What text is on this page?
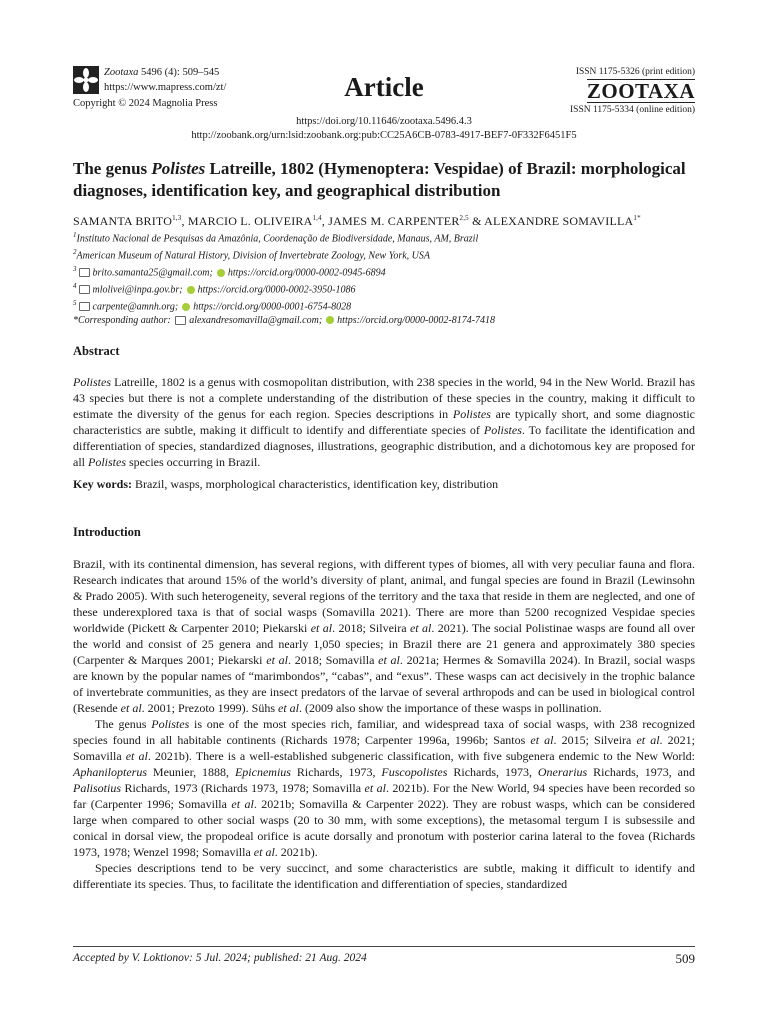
Zootaxa 5496 (4): 509–545
https://www.mapress.com/zt/
Copyright © 2024 Magnolia Press
Article	ISSN 1175-5326 (print edition)
ZOOTAXA
ISSN 1175-5334 (online edition)
https://doi.org/10.11646/zootaxa.5496.4.3
http://zoobank.org/urn:lsid:zoobank.org:pub:CC25A6CB-0783-4917-BEF7-0F332F6451F5
The genus Polistes Latreille, 1802 (Hymenoptera: Vespidae) of Brazil: morphological diagnoses, identification key, and geographical distribution
SAMANTA BRITO$^{1,3}$, MARCIO L. OLIVEIRA$^{1,4}$, JAMES M. CARPENTER$^{2,5}$ & ALEXANDRE $SOMAVILLA^{1*}$
$^1$Instituto Nacional de Pesquisas da Amazônia, Coordenação de Biodiversidade, Manaus, AM, Brazil
$^2$American Museum of Natural History, Division of Invertebrate Zoology, New York, USA
$^3$ brito.samanta25@gmail.com; https://orcid.org/0000-0002-0945-6894
$^4$ mlolivei@inpa.gov.br; https://orcid.org/0000-0002-3950-1086
$^5$ carpente@amnh.org; https://orcid.org/0000-0001-6754-8028
*Corresponding author: alexandresomavilla@gmail.com; https://orcid.org/0000-0002-8174-7418
Abstract

Polistes Latreille, 1802 is a genus with cosmopolitan distribution, with 238 species in the world, 94 in the New World. Brazil has 43 species but there is not a complete understanding of the distribution of these species in the country, making it difficult to estimate the diversity of the genus for each region. Species descriptions in Polistes are typically short, and some diagnostic characteristics are subtle, making it difficult to identify and differentiate species of Polistes. To facilitate the identification and differentiation of species, standardized diagnoses, illustrations, geographic distribution, and a dichotomous key are proposed for all Polistes species occurring in Brazil.

Key words: Brazil, wasps, morphological characteristics, identification key, distribution

Introduction

Brazil, with its continental dimension, has several regions, with different types of biomes, all with very peculiar fauna and flora. Research indicates that around 15% of the world’s diversity of plant, animal, and fungal species are found in Brazil (Lewinsohn & Prado 2005). With such heterogeneity, several regions of the territory and the taxa that reside in them are neglected, and one of these underexplored taxa is that of social wasps (Somavilla 2021). There are more than 5200 recognized Vespidae species worldwide (Pickett & Carpenter 2010; Piekarski et al. 2018; Silveira et al. 2021). The social Polistinae wasps are found all over the world and consist of 25 genera and nearly 1,050 species; in Brazil there are 21 genera and approximately 380 species (Carpenter & Marques 2001; Piekarski et al. 2018; Somavilla et al. 2021a; Hermes & Somavilla 2024). In Brazil, social wasps are known by the popular names of “marimbondos”, “cabas”, and “exus”. These wasps can act decisively in the trophic balance of invertebrate communities, as they are insect predators of the larvae of several arthropods and can be used in biological control (Resende et al. 2001; Prezoto 1999). Sühs et al. (2009 also show the importance of these wasps in pollination.

The genus Polistes is one of the most species rich, familiar, and widespread taxa of social wasps, with 238 recognized species found in all habitable continents (Richards 1978; Carpenter 1996a, 1996b; Santos et al. 2015; Silveira et al. 2021; Somavilla et al. 2021b). There is a well-established subgeneric classification, with five subgenera endemic to the New World: Aphanilopterus Meunier, 1888, Epicnemius Richards, 1973, Fuscopolistes Richards, 1973, Onerarius Richards, 1973, and Palisotius Richards, 1973 (Richards 1973, 1978; Somavilla et al. 2021b). For the New World, 94 species have been recorded so far (Carpenter 1996; Somavilla et al. 2021b; Somavilla & Carpenter 2022). They are robust wasps, which can be considered large when compared to other social wasps (20 to 30 mm, with some exceptions), the metasomal tergum I is subsessile and conical in dorsal view, the propodeal orifice is acute dorsally and pronotum with posterior carina lateral to the fovea (Richards 1973, 1978; Wenzel 1998; Somavilla et al. 2021b).

Species descriptions tend to be very succinct, and some characteristics are subtle, making it difficult to identify and differentiate its species. Thus, to facilitate the identification and differentiation of species, standardized

Accepted by V. Loktionov: 5 Jul. 2024; published: 21 Aug. 2024	509
